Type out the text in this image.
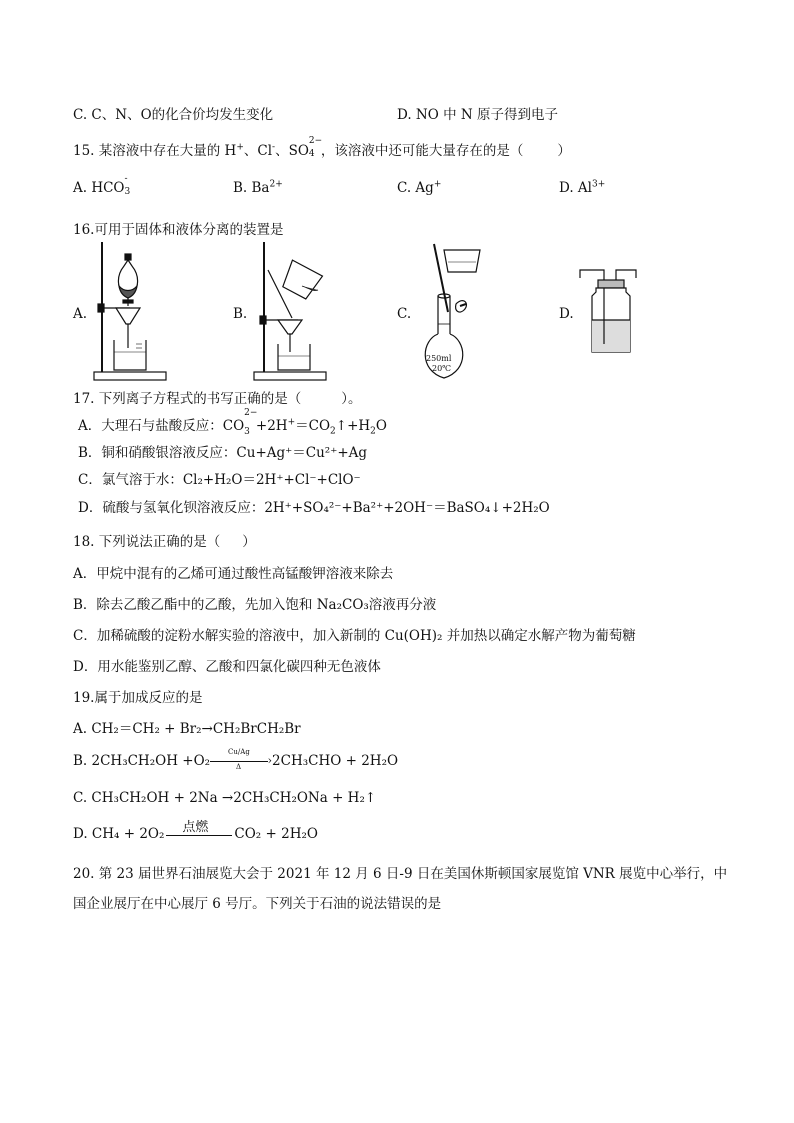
C. C、N、O的化合价均发生变化	D. NO 中 N 原子得到电子
15. 某溶液中存在大量的 H+、Cl-、SO
2−
4 ，该溶液中还可能大量存在的是（	）
A. HCO
-
3	B. $Ba^{2+}$	C. Ag+	D. $Al^{3+}$
16.可用于固体和液体分离的装置是
A.	B.	C.	D.
250ml
20℃
17. 下列离子方程式的书写正确的是（	）。
A．大理石与盐酸反应：CO
$_{2- 3} +2H^+=CO_2↑+H_2O$
B．铜和硝酸银溶液反应：Cu+Ag⁺＝Cu²⁺+Ag
C．氯气溶于水：Cl₂+H₂O＝2H⁺+Cl⁻+ClO⁻
D．硫酸与氢氧化钡溶液反应：2H⁺+SO₄²⁻+Ba²⁺+2OH⁻＝BaSO₄↓+2H₂O
18. 下列说法正确的是（ ）
A．甲烷中混有的乙烯可通过酸性高锰酸钾溶液来除去
B．除去乙酸乙酯中的乙酸，先加入饱和 Na₂CO₃溶液再分液
C．加稀硫酸的淀粉水解实验的溶液中，加入新制的 Cu(OH)₂ 并加热以确定水解产物为葡萄糖
D．用水能鉴别乙醇、乙酸和四氯化碳四种无色液体
19.属于加成反应的是
A. CH₂＝CH₂ + Br₂→CH₂BrCH₂Br
B. 2CH₃CH₂OH +O₂
Cu/Ag
›
Δ 2CH₃CHO + 2H₂O
C. CH₃CH₂OH + 2Na →2CH₃CH₂ONa + H₂↑
D. CH₄ + 2O₂ 点燃 CO₂ + 2H₂O
20. 第 23 届世界石油展览大会于 2021 年 12 月 6 日-9 日在美国休斯顿国家展览馆 VNR 展览中心举行，中
国企业展厅在中心展厅 6 号厅。下列关于石油的说法错误的是
